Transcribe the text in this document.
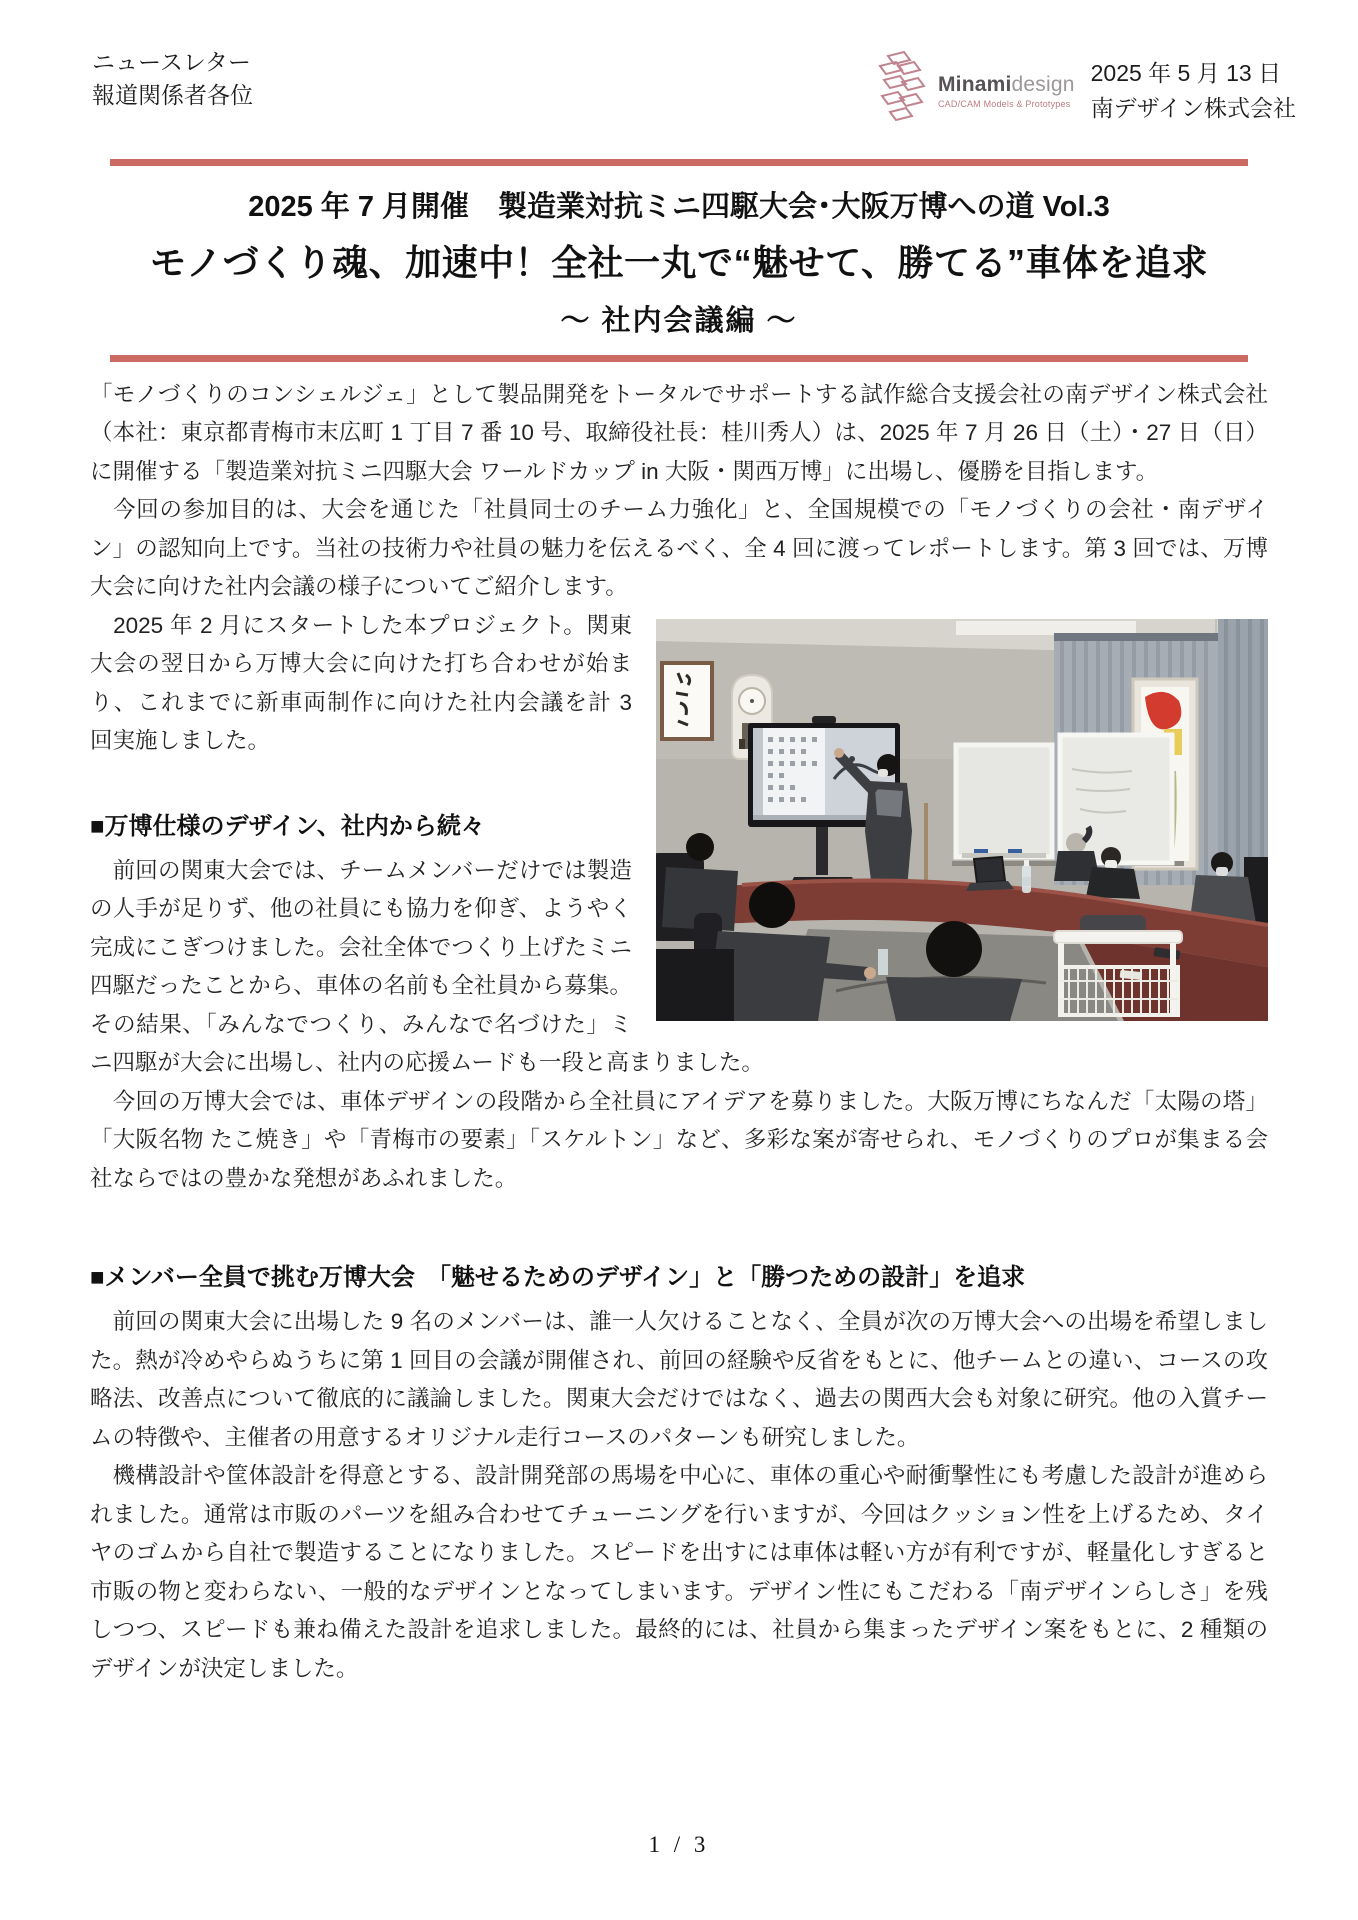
ニュースレター
報道関係者各位	Minamidesign
CAD/CAM Models & Prototypes
2025 年 5 月 13 日
南デザイン株式会社
2025 年 7 月開催　製造業対抗ミニ四駆大会･大阪万博への道 Vol.3
モノづくり魂、加速中！全社一丸で“魅せて、勝てる”車体を追求
～ 社内会議編 ～

「モノづくりのコンシェルジェ」として製品開発をトータルでサポートする試作総合支援会社の南デザイン株式会社（本社：東京都青梅市末広町 1 丁目 7 番 10 号、取締役社長：桂川秀人）は、2025 年 7 月 26 日（土）・27 日（日）に開催する「製造業対抗ミニ四駆大会 ワールドカップ in 大阪・関西万博」に出場し、優勝を目指します。

　今回の参加目的は、大会を通じた「社員同士のチーム力強化」と、全国規模での「モノづくりの会社・南デザイン」の認知向上です。当社の技術力や社員の魅力を伝えるべく、全 4 回に渡ってレポートします。第 3 回では、万博大会に向けた社内会議の様子についてご紹介します。

　2025 年 2 月にスタートした本プロジェクト。関東大会の翌日から万博大会に向けた打ち合わせが始まり、これまでに新車両制作に向けた社内会議を計 3 回実施しました。

■万博仕様のデザイン、社内から続々

　前回の関東大会では、チームメンバーだけでは製造の人手が足りず、他の社員にも協力を仰ぎ、ようやく完成にこぎつけました。会社全体でつくり上げたミニ四駆だったことから、車体の名前も全社員から募集。その結果、「みんなでつくり、みんなで名づけた」ミニ四駆が大会に出場し、社内の応援ムードも一段と高まりました。

　今回の万博大会では、車体デザインの段階から全社員にアイデアを募りました。大阪万博にちなんだ「太陽の塔」「大阪名物 たこ焼き」や「青梅市の要素」「スケルトン」など、多彩な案が寄せられ、モノづくりのプロが集まる会社ならではの豊かな発想があふれました。

■メンバー全員で挑む万博大会　「魅せるためのデザイン」と「勝つための設計」を追求

　前回の関東大会に出場した 9 名のメンバーは、誰一人欠けることなく、全員が次の万博大会への出場を希望しました。熱が冷めやらぬうちに第 1 回目の会議が開催され、前回の経験や反省をもとに、他チームとの違い、コースの攻略法、改善点について徹底的に議論しました。関東大会だけではなく、過去の関西大会も対象に研究。他の入賞チームの特徴や、主催者の用意するオリジナル走行コースのパターンも研究しました。

　機構設計や筐体設計を得意とする、設計開発部の馬場を中心に、車体の重心や耐衝撃性にも考慮した設計が進められました。通常は市販のパーツを組み合わせてチューニングを行いますが、今回はクッション性を上げるため、タイヤのゴムから自社で製造することになりました。スピードを出すには車体は軽い方が有利ですが、軽量化しすぎると市販の物と変わらない、一般的なデザインとなってしまいます。デザイン性にもこだわる「南デザインらしさ」を残しつつ、スピードも兼ね備えた設計を追求しました。最終的には、社員から集まったデザイン案をもとに、2 種類のデザインが決定しました。

1 / 3
